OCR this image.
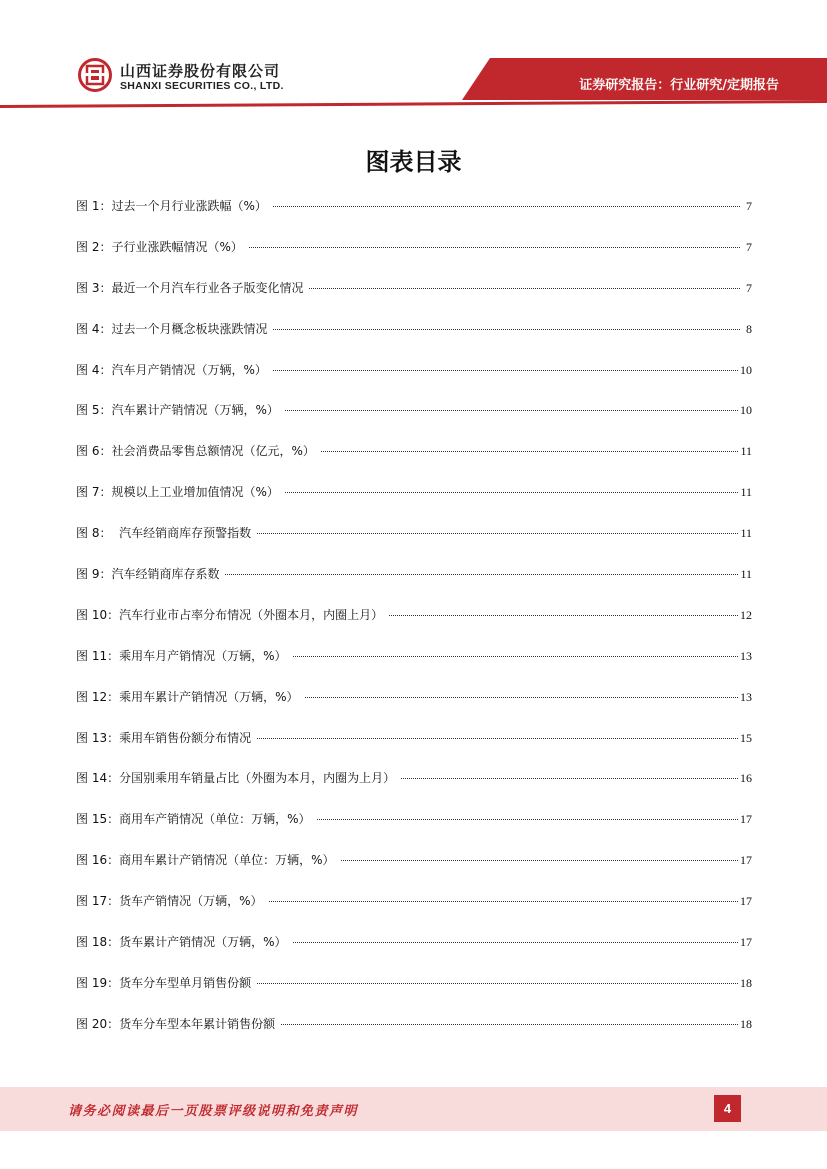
山西证券股份有限公司
SHANXI SECURITIES CO., LTD.	证券研究报告：行业研究/定期报告
图表目录
图 1：过去一个月行业涨跌幅（%）	7
图 2：子行业涨跌幅情况（%）	7
图 3：最近一个月汽车行业各子版变化情况	7
图 4：过去一个月概念板块涨跌情况	8
图 4：汽车月产销情况（万辆，%）	10
图 5：汽车累计产销情况（万辆，%）	10
图 6：社会消费品零售总额情况（亿元，%）	11
图 7：规模以上工业增加值情况（%）	11
图 8：  汽车经销商库存预警指数	11
图 9：汽车经销商库存系数	11
图 10：汽车行业市占率分布情况（外圈本月，内圈上月）	12
图 11：乘用车月产销情况（万辆，%）	13
图 12：乘用车累计产销情况（万辆，%）	13
图 13：乘用车销售份额分布情况	15
图 14：分国别乘用车销量占比（外圈为本月，内圈为上月）	16
图 15：商用车产销情况（单位：万辆，%）	17
图 16：商用车累计产销情况（单位：万辆，%）	17
图 17：货车产销情况（万辆，%）	17
图 18：货车累计产销情况（万辆，%）	17
图 19：货车分车型单月销售份额	18
图 20：货车分车型本年累计销售份额	18
请务必阅读最后一页股票评级说明和免责声明	4
